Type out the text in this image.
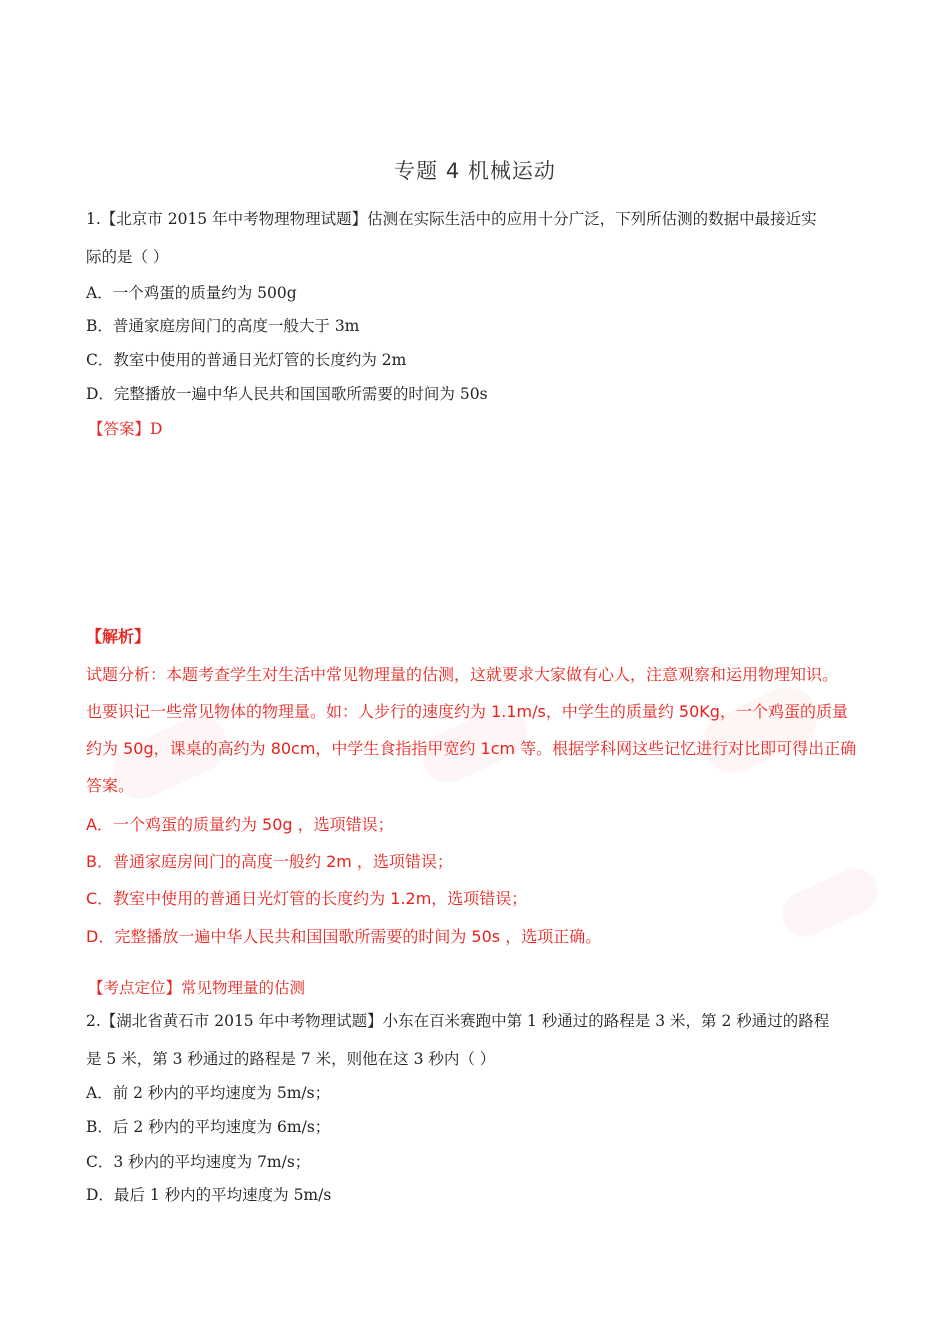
专题 4 机械运动
1.【北京市 2015 年中考物理物理试题】估测在实际生活中的应用十分广泛，下列所估测的数据中最接近实
际的是（ ）
A．一个鸡蛋的质量约为 500g
B．普通家庭房间门的高度一般大于 3m
C．教室中使用的普通日光灯管的长度约为 2m
D．完整播放一遍中华人民共和国国歌所需要的时间为 50s
【答案】D
【解析】
试题分析：本题考查学生对生活中常见物理量的估测，这就要求大家做有心人，注意观察和运用物理知识。
也要识记一些常见物体的物理量。如：人步行的速度约为 1.1m/s，中学生的质量约 50Kg，一个鸡蛋的质量
约为 50g，课桌的高约为 80cm，中学生食指指甲宽约 1cm 等。根据学科网这些记忆进行对比即可得出正确
答案。
A．一个鸡蛋的质量约为 50g ，选项错误；
B．普通家庭房间门的高度一般约 2m ，选项错误；
C．教室中使用的普通日光灯管的长度约为 1.2m，选项错误；
D．完整播放一遍中华人民共和国国歌所需要的时间为 50s ，选项正确。
【考点定位】常见物理量的估测
2.【湖北省黄石市 2015 年中考物理试题】小东在百米赛跑中第 1 秒通过的路程是 3 米，第 2 秒通过的路程
是 5 米，第 3 秒通过的路程是 7 米，则他在这 3 秒内（ ）
A．前 2 秒内的平均速度为 5m/s；
B．后 2 秒内的平均速度为 6m/s；
C．3 秒内的平均速度为 7m/s；
D．最后 1 秒内的平均速度为 5m/s
